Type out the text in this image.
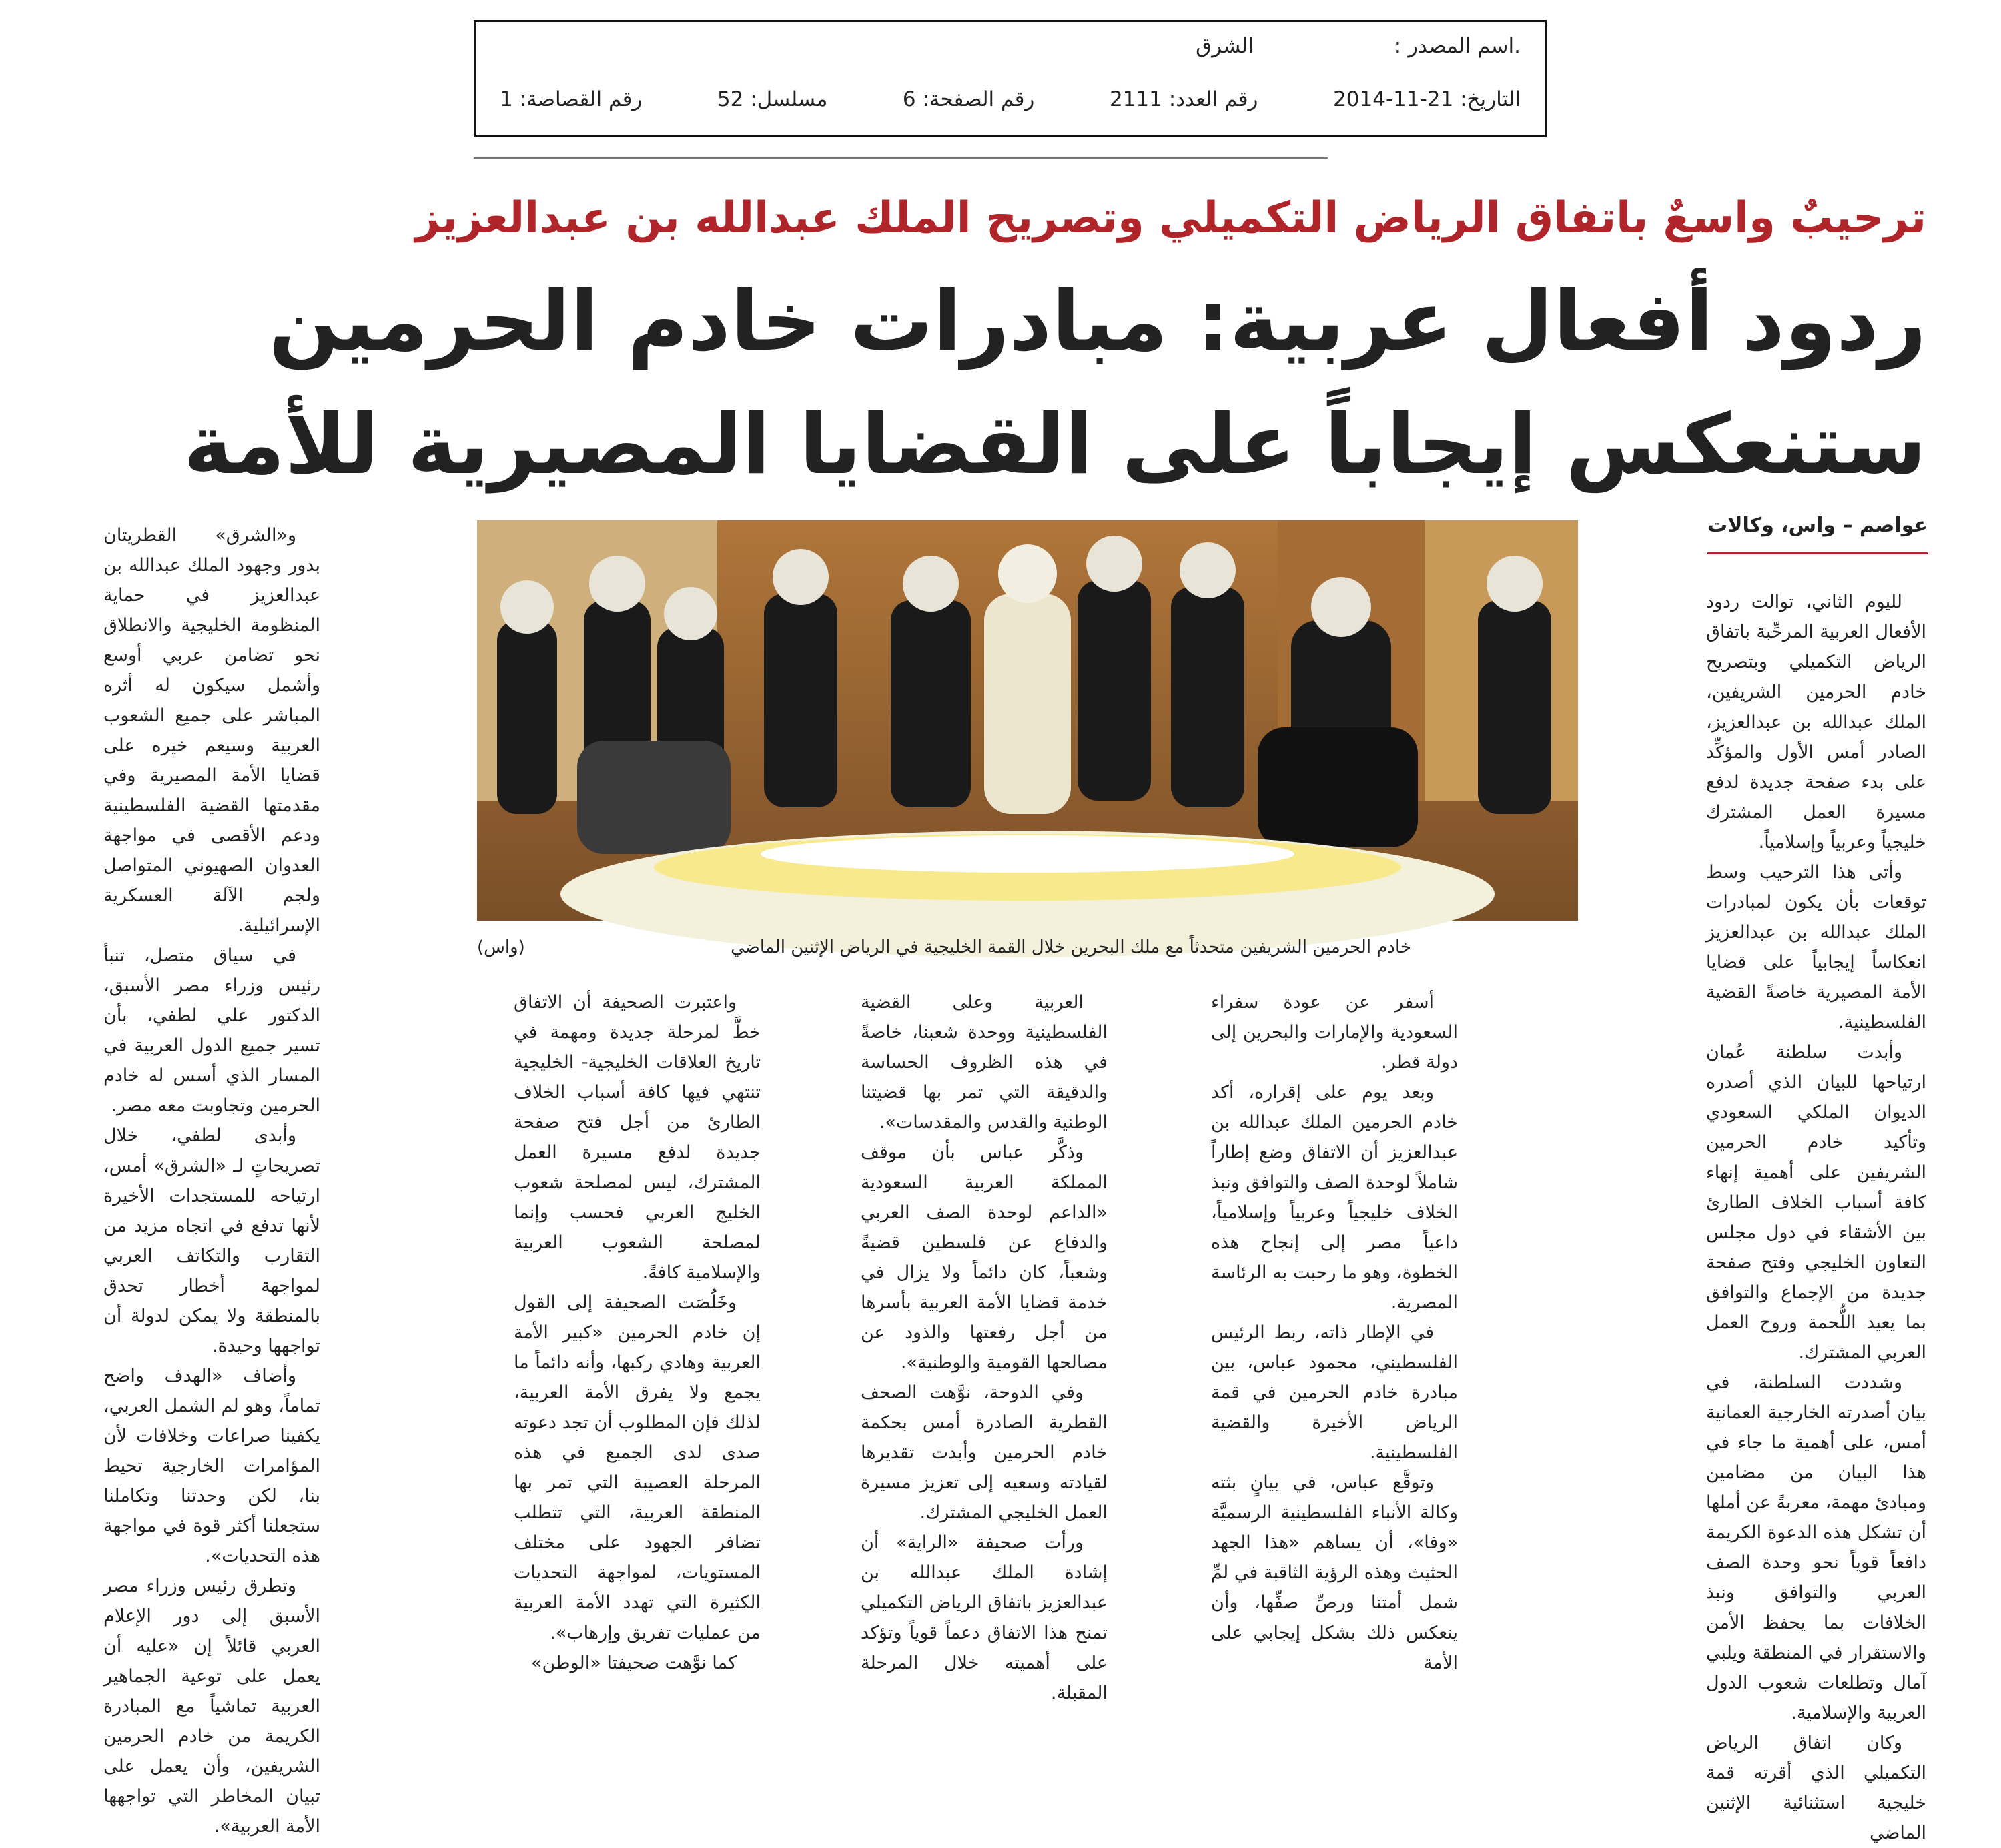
.اسم المصدر :
الشرق
التاريخ: 21-11-2014
رقم العدد: 2111
رقم الصفحة: 6
مسلسل: 52
رقم القصاصة: 1
ترحيبٌ واسعٌ باتفاق الرياض التكميلي وتصريح الملك عبدالله بن عبدالعزيز
ردود أفعال عربية: مبادرات خادم الحرمين
ستنعكس إيجاباً على القضايا المصيرية للأمة
عواصم – واس، وكالات

لليوم الثاني، توالت ردود الأفعال العربية المرحِّبة باتفاق الرياض التكميلي وبتصريح خادم الحرمين الشريفين، الملك عبدالله بن عبدالعزيز، الصادر أمس الأول والمؤكِّد على بدء صفحة جديدة لدفع مسيرة العمل المشترك خليجياً وعربياً وإسلامياً.

وأتى هذا الترحيب وسط توقعات بأن يكون لمبادرات الملك عبدالله بن عبدالعزيز انعكاساً إيجابياً على قضايا الأمة المصيرية خاصةً القضية الفلسطينية.

وأبدت سلطنة عُمان ارتياحها للبيان الذي أصدره الديوان الملكي السعودي وتأكيد خادم الحرمين الشريفين على أهمية إنهاء كافة أسباب الخلاف الطارئ بين الأشقاء في دول مجلس التعاون الخليجي وفتح صفحة جديدة من الإجماع والتوافق بما يعيد اللُّحمة وروح العمل العربي المشترك.

وشددت السلطنة، في بيان أصدرته الخارجية العمانية أمس، على أهمية ما جاء في هذا البيان من مضامين ومبادئ مهمة، معربةً عن أملها أن تشكل هذه الدعوة الكريمة دافعاً قوياً نحو وحدة الصف العربي والتوافق ونبذ الخلافات بما يحفظ الأمن والاستقرار في المنطقة ويلبي آمال وتطلعات شعوب الدول العربية والإسلامية.

وكان اتفاق الرياض التكميلي الذي أقرته قمة خليجية استثنائية الإثنين الماضي

خادم الحرمين الشريفين متحدثاً مع ملك البحرين خلال القمة الخليجية في الرياض الإثنين الماضي
(واس)

أسفر عن عودة سفراء السعودية والإمارات والبحرين إلى دولة قطر.

وبعد يوم على إقراره، أكد خادم الحرمين الملك عبدالله بن عبدالعزيز أن الاتفاق وضع إطاراً شاملاً لوحدة الصف والتوافق ونبذ الخلاف خليجياً وعربياً وإسلامياً، داعياً مصر إلى إنجاح هذه الخطوة، وهو ما رحبت به الرئاسة المصرية.

في الإطار ذاته، ربط الرئيس الفلسطيني، محمود عباس، بين مبادرة خادم الحرمين في قمة الرياض الأخيرة والقضية الفلسطينية.

وتوقَّع عباس، في بيانٍ بثته وكالة الأنباء الفلسطينية الرسميَّة «وفا»، أن يساهم «هذا الجهد الحثيث وهذه الرؤية الثاقبة في لمِّ شمل أمتنا ورصِّ صفِّها، وأن ينعكس ذلك بشكل إيجابي على الأمة

العربية وعلى القضية الفلسطينية ووحدة شعبنا، خاصةً في هذه الظروف الحساسة والدقيقة التي تمر بها قضيتنا الوطنية والقدس والمقدسات».

وذكَّر عباس بأن موقف المملكة العربية السعودية «الداعم لوحدة الصف العربي والدفاع عن فلسطين قضيةً وشعباً، كان دائماً ولا يزال في خدمة قضايا الأمة العربية بأسرها من أجل رفعتها والذود عن مصالحها القومية والوطنية».

وفي الدوحة، نوَّهت الصحف القطرية الصادرة أمس بحكمة خادم الحرمين وأبدت تقديرها لقيادته وسعيه إلى تعزيز مسيرة العمل الخليجي المشترك.

ورأت صحيفة «الراية» أن إشادة الملك عبدالله بن عبدالعزيز باتفاق الرياض التكميلي تمنح هذا الاتفاق دعماً قوياً وتؤكد على أهميته خلال المرحلة المقبلة.

واعتبرت الصحيفة أن الاتفاق خطَّ لمرحلة جديدة ومهمة في تاريخ العلاقات الخليجية- الخليجية تنتهي فيها كافة أسباب الخلاف الطارئ من أجل فتح صفحة جديدة لدفع مسيرة العمل المشترك، ليس لمصلحة شعوب الخليج العربي فحسب وإنما لمصلحة الشعوب العربية والإسلامية كافةً.

وخَلُصَت الصحيفة إلى القول إن خادم الحرمين «كبير الأمة العربية وهادي ركبها، وأنه دائماً ما يجمع ولا يفرق الأمة العربية، لذلك فإن المطلوب أن تجد دعوته صدى لدى الجميع في هذه المرحلة العصيبة التي تمر بها المنطقة العربية، التي تتطلب تضافر الجهود على مختلف المستويات، لمواجهة التحديات الكثيرة التي تهدد الأمة العربية من عمليات تفريق وإرهاب».

كما نوَّهت صحيفتا «الوطن»

و«الشرق» القطريتان بدور وجهود الملك عبدالله بن عبدالعزيز في حماية المنظومة الخليجية والانطلاق نحو تضامن عربي أوسع وأشمل سيكون له أثره المباشر على جميع الشعوب العربية وسيعم خيره على قضايا الأمة المصيرية وفي مقدمتها القضية الفلسطينية ودعم الأقصى في مواجهة العدوان الصهيوني المتواصل ولجم الآلة العسكرية الإسرائيلية.

في سياق متصل، تنبأ رئيس وزراء مصر الأسبق، الدكتور علي لطفي، بأن تسير جميع الدول العربية في المسار الذي أسس له خادم الحرمين وتجاوبت معه مصر.

وأبدى لطفي، خلال تصريحاتٍ لـ «الشرق» أمس، ارتياحه للمستجدات الأخيرة لأنها تدفع في اتجاه مزيد من التقارب والتكاتف العربي لمواجهة أخطار تحدق بالمنطقة ولا يمكن لدولة أن تواجهها وحيدة.

وأضاف «الهدف واضح تماماً، وهو لم الشمل العربي، يكفينا صراعات وخلافات لأن المؤامرات الخارجية تحيط بنا، لكن وحدتنا وتكاملنا ستجعلنا أكثر قوة في مواجهة هذه التحديات».

وتطرق رئيس وزراء مصر الأسبق إلى دور الإعلام العربي قائلاً إن «عليه أن يعمل على توعية الجماهير العربية تماشياً مع المبادرة الكريمة من خادم الحرمين الشريفين، وأن يعمل على تبيان المخاطر التي تواجهها الأمة العربية».
